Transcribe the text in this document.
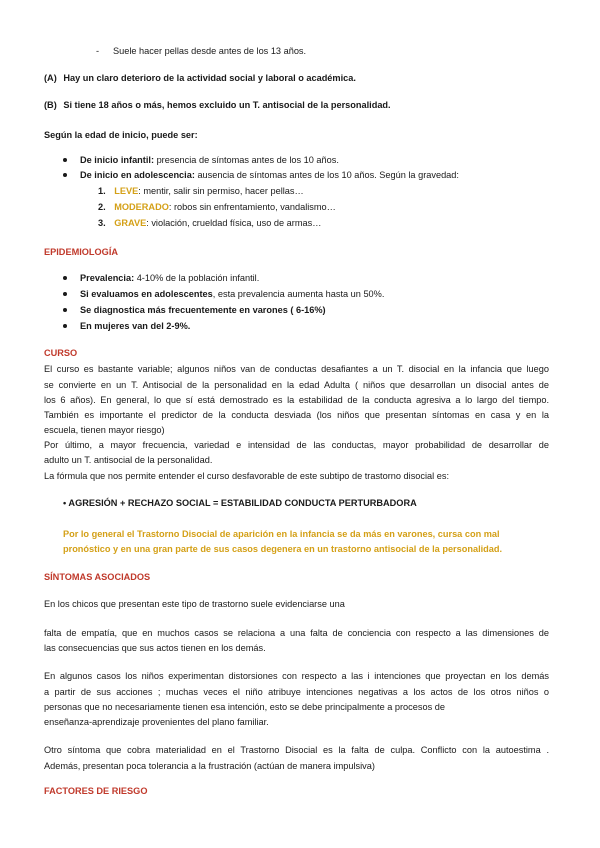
- Suele hacer pellas desde antes de los 13 años.
(A) Hay un claro deterioro de la actividad social y laboral o académica.
(B) Si tiene 18 años o más, hemos excluido un T. antisocial de la personalidad.
Según la edad de inicio, puede ser:
De inicio infantil: presencia de síntomas antes de los 10 años.
De inicio en adolescencia: ausencia de síntomas antes de los 10 años. Según la gravedad:
1. LEVE: mentir, salir sin permiso, hacer pellas…
2. MODERADO: robos sin enfrentamiento, vandalismo…
3. GRAVE: violación, crueldad física, uso de armas…
EPIDEMIOLOGÍA
Prevalencia: 4-10% de la población infantil.
Si evaluamos en adolescentes, esta prevalencia aumenta hasta un 50%.
Se diagnostica más frecuentemente en varones ( 6-16%)
En mujeres van del 2-9%.
CURSO
El curso es bastante variable; algunos niños van de conductas desafiantes a un T. disocial en la infancia que luego
se convierte en un T. Antisocial de la personalidad en la edad Adulta ( niños que desarrollan un disocial antes de
los 6 años). En general, lo que sí está demostrado es la estabilidad de la conducta agresiva a lo largo del tiempo.
También es importante el predictor de la conducta desviada (los niños que presentan síntomas en casa y en la
escuela, tienen mayor riesgo)
Por último, a mayor frecuencia, variedad e intensidad de las conductas, mayor probabilidad de desarrollar de
adulto un T. antisocial de la personalidad.
La fórmula que nos permite entender el curso desfavorable de este subtipo de trastorno disocial es:
• AGRESIÓN + RECHAZO SOCIAL = ESTABILIDAD CONDUCTA PERTURBADORA
Por lo general el Trastorno Disocial de aparición en la infancia se da más en varones, cursa con mal
pronóstico y en una gran parte de sus casos degenera en un trastorno antisocial de la personalidad.
SÍNTOMAS ASOCIADOS
En los chicos que presentan este tipo de trastorno suele evidenciarse una
falta de empatía, que en muchos casos se relaciona a una falta de conciencia con respecto a las dimensiones de
las consecuencias que sus actos tienen en los demás.
En algunos casos los niños experimentan distorsiones con respecto a las i intenciones que proyectan en los demás
a partir de sus acciones ; muchas veces el niño atribuye intenciones negativas a los actos de los otros niños o
personas que no necesariamente tienen esa intención, esto se debe principalmente a procesos de
enseñanza-aprendizaje provenientes del plano familiar.
Otro síntoma que cobra materialidad en el Trastorno Disocial es la falta de culpa. Conflicto con la autoestima .
Además, presentan poca tolerancia a la frustración (actúan de manera impulsiva)
FACTORES DE RIESGO
